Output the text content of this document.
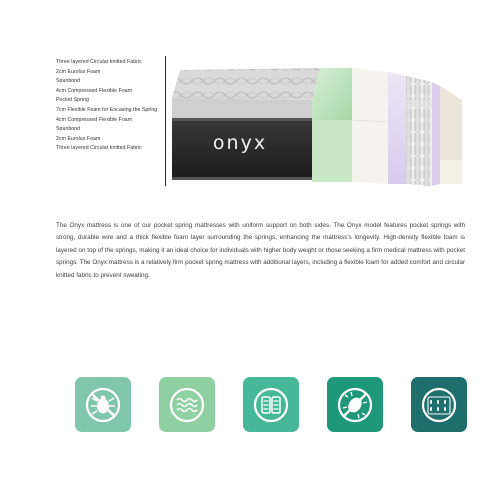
Three layered Circular knitted Fabric
2cm Eurolux Foam
Spunbond
4cm Compressed Flexible Foam
Pocket Spring
7cm Flexible Foam for Encasing the Spring
4cm Compressed Flexible Foam
Spunbond
2cm Eurolux Foam
Three layered Circular knitted Fabric	onyx

The Onyx mattress is one of our pocket spring mattresses with uniform support on both sides. The Onyx model features pocket springs with strong, durable wire and a thick flexible foam layer surrounding the springs, enhancing the mattress's longevity. High-density flexible foam is layered on top of the springs, making it an ideal choice for individuals with higher body weight or those seeking a firm medical mattress with pocket springs. The Onyx mattress is a relatively firm pocket spring mattress with additional layers, including a flexible foam for added comfort and circular knitted fabric to prevent sweating.
